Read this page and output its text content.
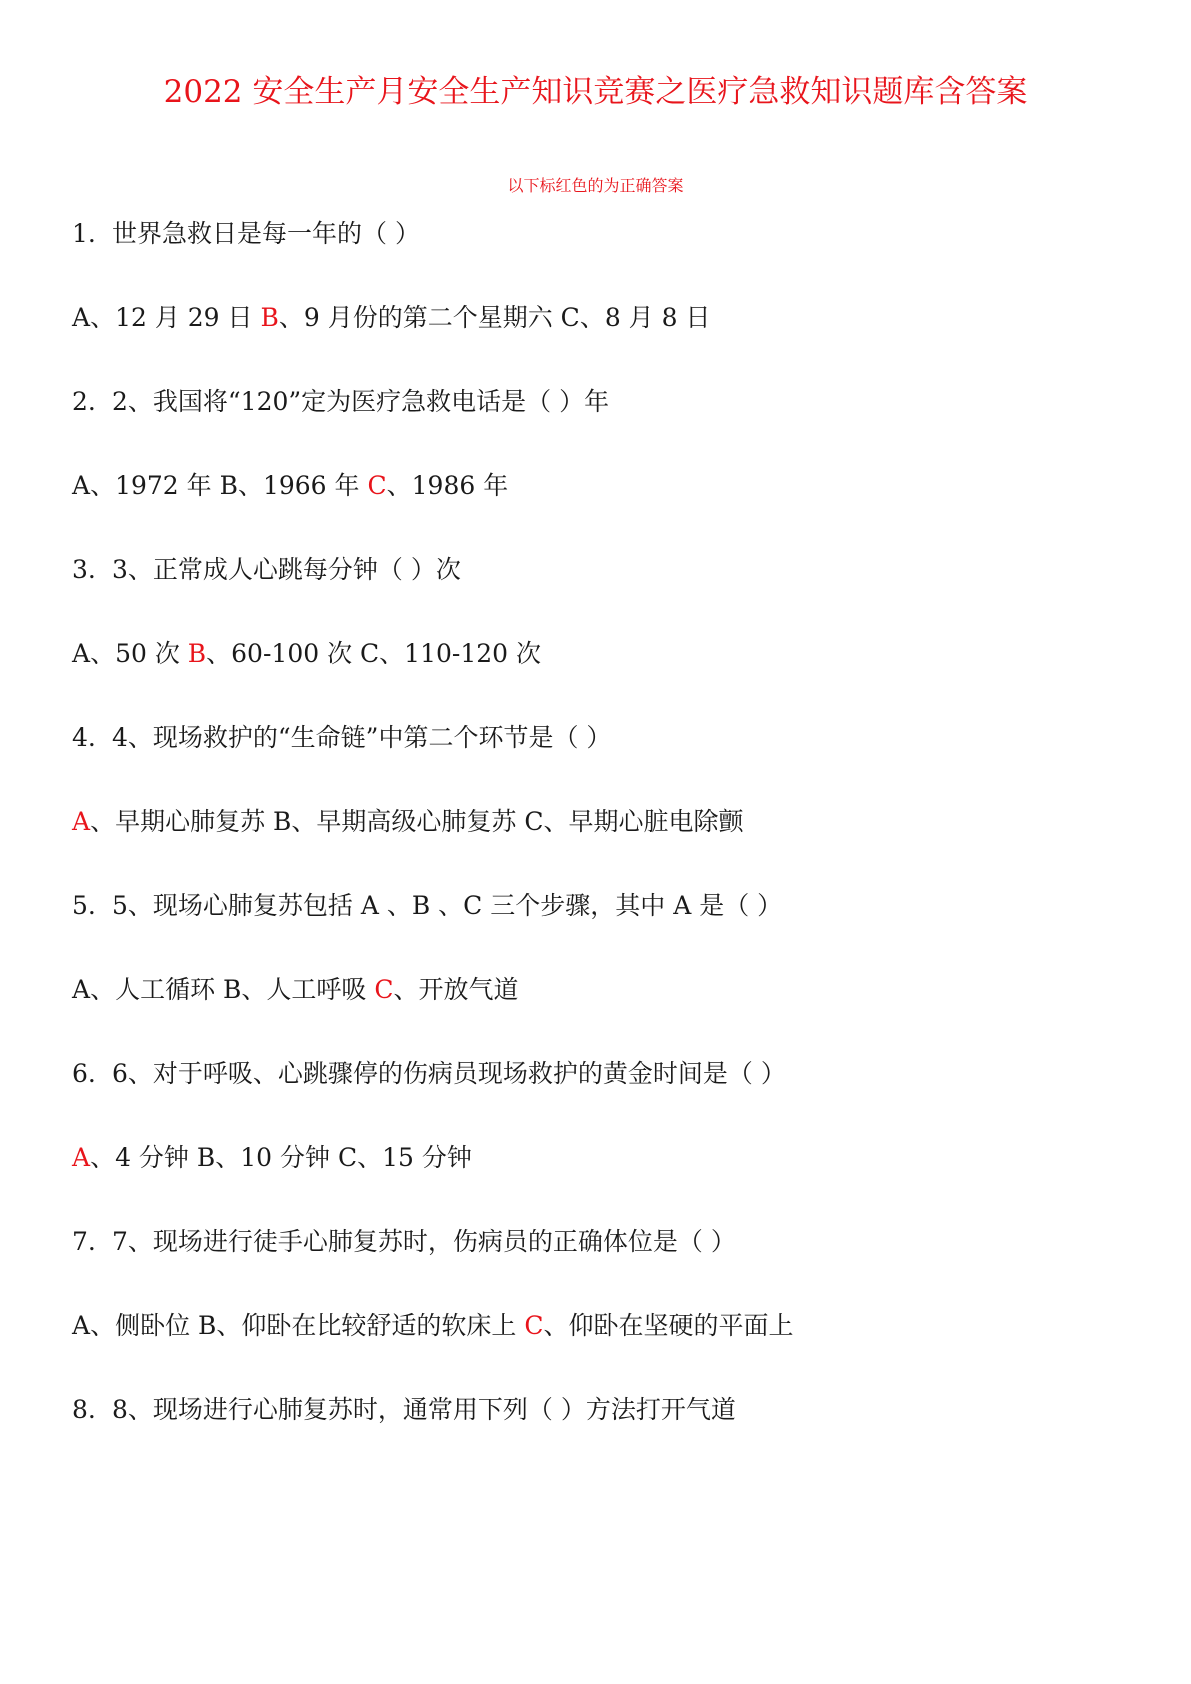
2022 安全生产月安全生产知识竞赛之医疗急救知识题库含答案
以下标红色的为正确答案
1. 世界急救日是每一年的（ ）
A、12 月 29 日 B、9 月份的第二个星期六 C、8 月 8 日
2. 2、我国将“120”定为医疗急救电话是（ ）年
A、1972 年 B、1966 年 C、1986 年
3. 3、正常成人心跳每分钟（ ）次
A、50 次 B、60-100 次 C、110-120 次
4. 4、现场救护的“生命链”中第二个环节是（ ）
A、早期心肺复苏 B、早期高级心肺复苏 C、早期心脏电除颤
5. 5、现场心肺复苏包括 A 、B 、C 三个步骤，其中 A 是（ ）
A、人工循环 B、人工呼吸 C、开放气道
6. 6、对于呼吸、心跳骤停的伤病员现场救护的黄金时间是（ ）
A、4 分钟 B、10 分钟 C、15 分钟
7. 7、现场进行徒手心肺复苏时，伤病员的正确体位是（ ）
A、侧卧位 B、仰卧在比较舒适的软床上 C、仰卧在坚硬的平面上
8. 8、现场进行心肺复苏时，通常用下列（ ）方法打开气道
